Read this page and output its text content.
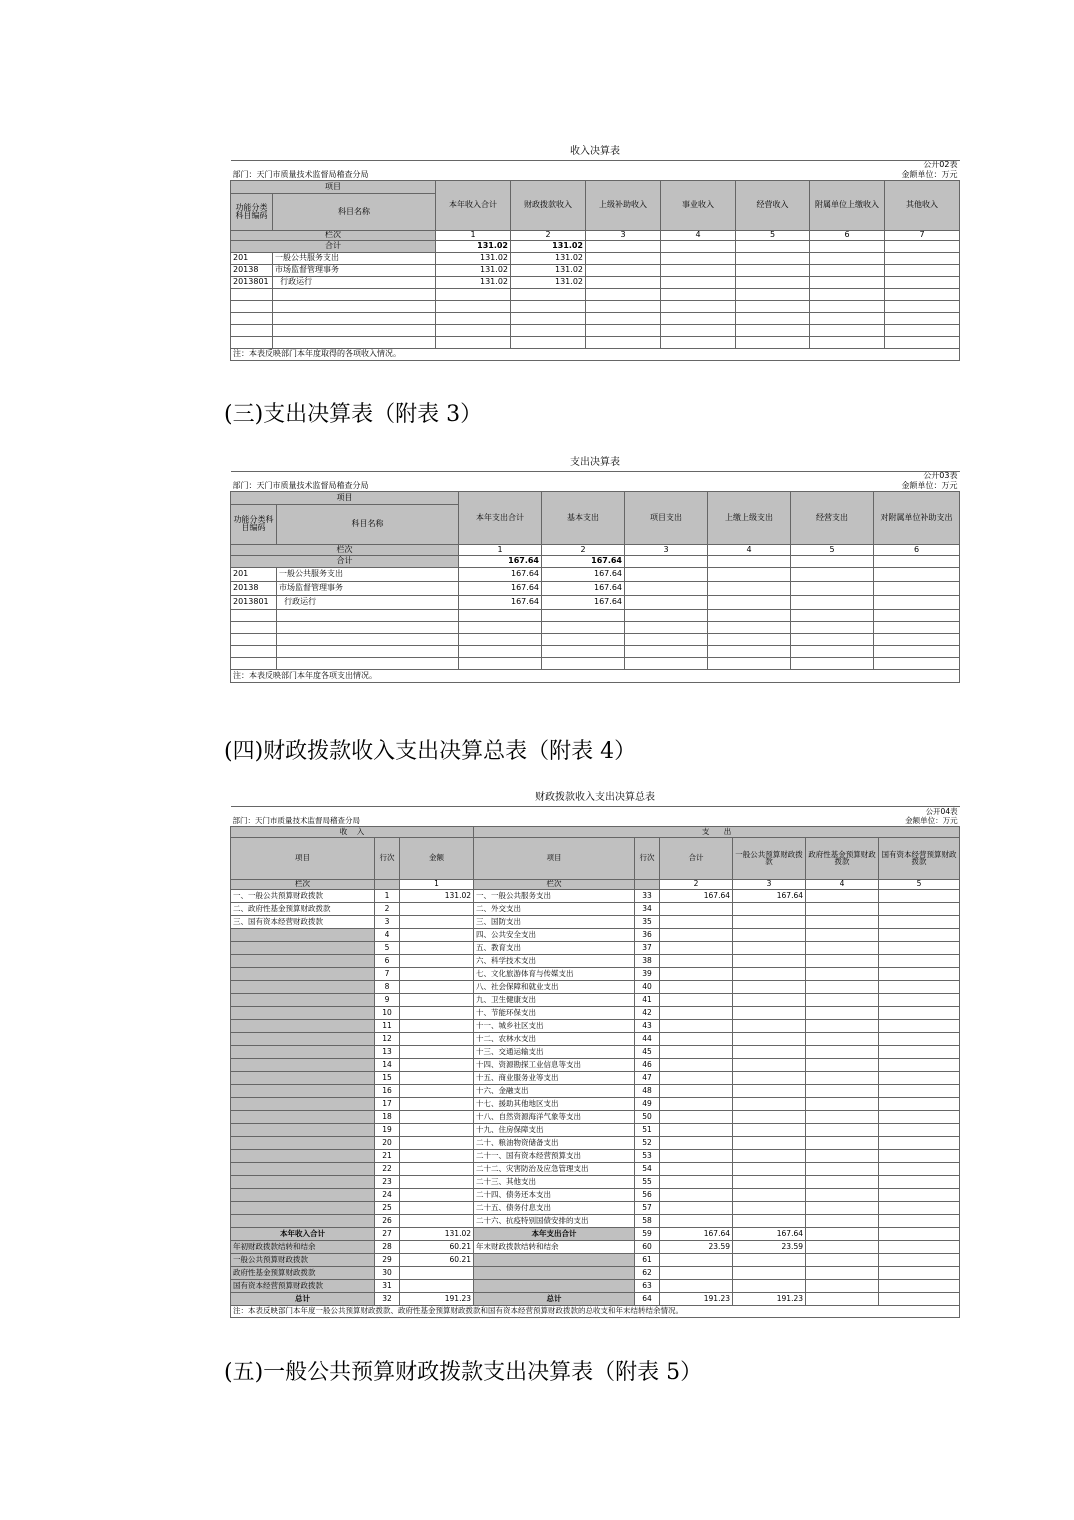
收入决算表								
公开02表								
部门：天门市质量技术监督局稽查分局					金额单位：万元			
项目		本年收入合计	财政拨款收入	上级补助收入	事业收入	经营收入	附属单位上缴收入	其他收入
功能分类科目编码	科目名称							
栏次		1	2	3	4	5	6	7
合计		131.02	131.02					
201	一般公共服务支出	131.02	131.02					
20138	市场监督管理事务	131.02	131.02					
2013801	行政运行	131.02	131.02					

注：本表反映部门本年度取得的各项收入情况。								
(三)支出决算表（附表 3）
支出决算表							
公开03表							
部门：天门市质量技术监督局稽查分局				金额单位：万元			
项目		本年支出合计	基本支出	项目支出	上缴上级支出	经营支出	对附属单位补助支出
功能分类科目编码	科目名称						
栏次		1	2	3	4	5	6
合计		167.64	167.64				
201	一般公共服务支出	167.64	167.64				
20138	市场监督管理事务	167.64	167.64				
2013801	行政运行	167.64	167.64				

注：本表反映部门本年度各项支出情况。							
(四)财政拨款收入支出决算总表（附表 4）
财政拨款收入支出决算总表								
公开04表								
部门：天门市质量技术监督局稽查分局					金额单位：万元			
收    入			支      出					
项目	行次	金额	项目	行次	合计	一般公共预算财政拨款	政府性基金预算财政拨款	国有资本经营预算财政拨款
栏次		1	栏次		2	3	4	5
一、一般公共预算财政拨款	1	131.02	一、一般公共服务支出	33	167.64	167.64		
二、政府性基金预算财政拨款	2		二、外交支出	34				
三、国有资本经营财政拨款	3		三、国防支出	35				
	4		四、公共安全支出	36				
	5		五、教育支出	37				
	6		六、科学技术支出	38				
	7		七、文化旅游体育与传媒支出	39				
	8		八、社会保障和就业支出	40				
	9		九、卫生健康支出	41				
	10		十、节能环保支出	42				
	11		十一、城乡社区支出	43				
	12		十二、农林水支出	44				
	13		十三、交通运输支出	45				
	14		十四、资源勘探工业信息等支出	46				
	15		十五、商业服务业等支出	47				
	16		十六、金融支出	48				
	17		十七、援助其他地区支出	49				
	18		十八、自然资源海洋气象等支出	50				
	19		十九、住房保障支出	51				
	20		二十、粮油物资储备支出	52				
	21		二十一、国有资本经营预算支出	53				
	22		二十二、灾害防治及应急管理支出	54				
	23		二十三、其他支出	55				
	24		二十四、债务还本支出	56				
	25		二十五、债务付息支出	57				
	26		二十六、抗疫特别国债安排的支出	58				
本年收入合计	27	131.02	本年支出合计	59	167.64	167.64		
年初财政拨款结转和结余	28	60.21	年末财政拨款结转和结余	60	23.59	23.59		
一般公共预算财政拨款	29	60.21		61				
政府性基金预算财政拨款	30			62				
国有资本经营预算财政拨款	31			63				
总计	32	191.23	总计	64	191.23	191.23		
注：本表反映部门本年度一般公共预算财政拨款、政府性基金预算财政拨款和国有资本经营预算财政拨款的总收支和年末结转结余情况。								
(五)一般公共预算财政拨款支出决算表（附表 5）
